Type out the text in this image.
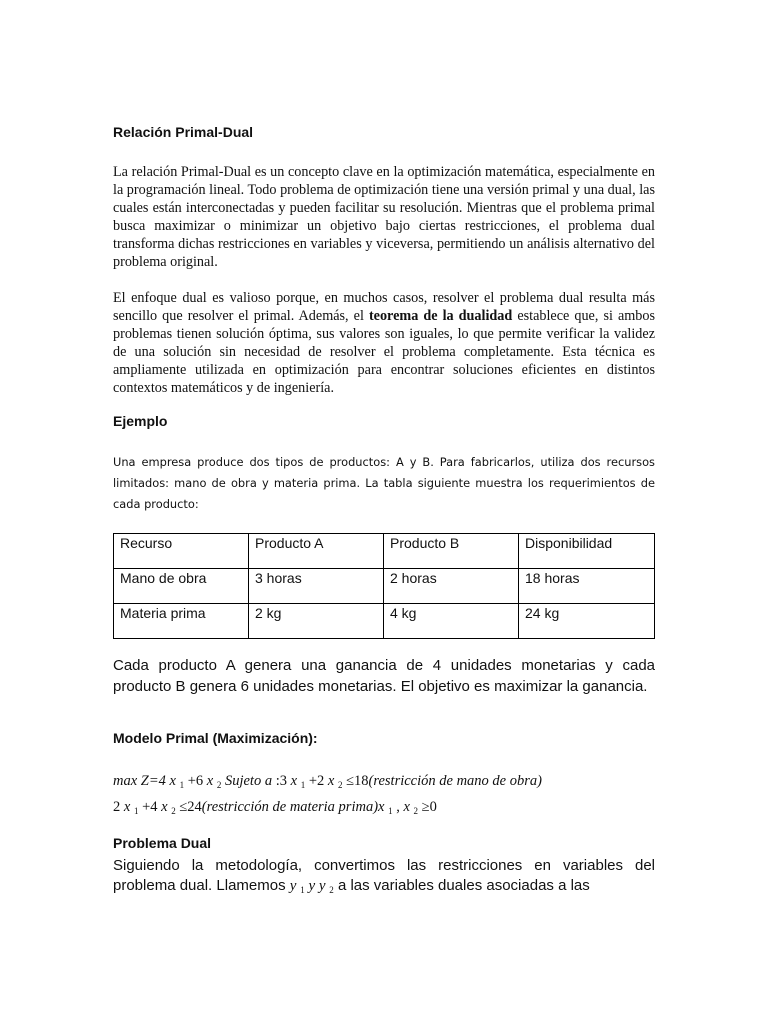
Relación Primal-Dual

La relación Primal-Dual es un concepto clave en la optimización matemática, especialmente en la programación lineal. Todo problema de optimización tiene una versión primal y una dual, las cuales están interconectadas y pueden facilitar su resolución. Mientras que el problema primal busca maximizar o minimizar un objetivo bajo ciertas restricciones, el problema dual transforma dichas restricciones en variables y viceversa, permitiendo un análisis alternativo del problema original.

El enfoque dual es valioso porque, en muchos casos, resolver el problema dual resulta más sencillo que resolver el primal. Además, el teorema de la dualidad establece que, si ambos problemas tienen solución óptima, sus valores son iguales, lo que permite verificar la validez de una solución sin necesidad de resolver el problema completamente. Esta técnica es ampliamente utilizada en optimización para encontrar soluciones eficientes en distintos contextos matemáticos y de ingeniería.

Ejemplo

Una empresa produce dos tipos de productos: A y B. Para fabricarlos, utiliza dos recursos limitados: mano de obra y materia prima. La tabla siguiente muestra los requerimientos de cada producto:

Recurso	Producto A	Producto B	Disponibilidad
Mano de obra	3 horas	2 horas	18 horas
Materia prima	2 kg	4 kg	24 kg

Cada producto A genera una ganancia de 4 unidades monetarias y cada producto B genera 6 unidades monetarias. El objetivo es maximizar la ganancia.

Modelo Primal (Maximización):

max Z=4 x $_1$ +6 x $_2$ Sujeto a :3 x $_1$ +2 x $_2$ ≤18(restricción de mano de obra)

2 x $_1$ +4 x $_2$ ≤24(restricción de materia prima)x $_1$ , x $_2$ ≥0

Problema Dual

Siguiendo la metodología, convertimos las restricciones en variables del problema dual. Llamemos y $_1$ y y $_2$ a las variables duales asociadas a las
